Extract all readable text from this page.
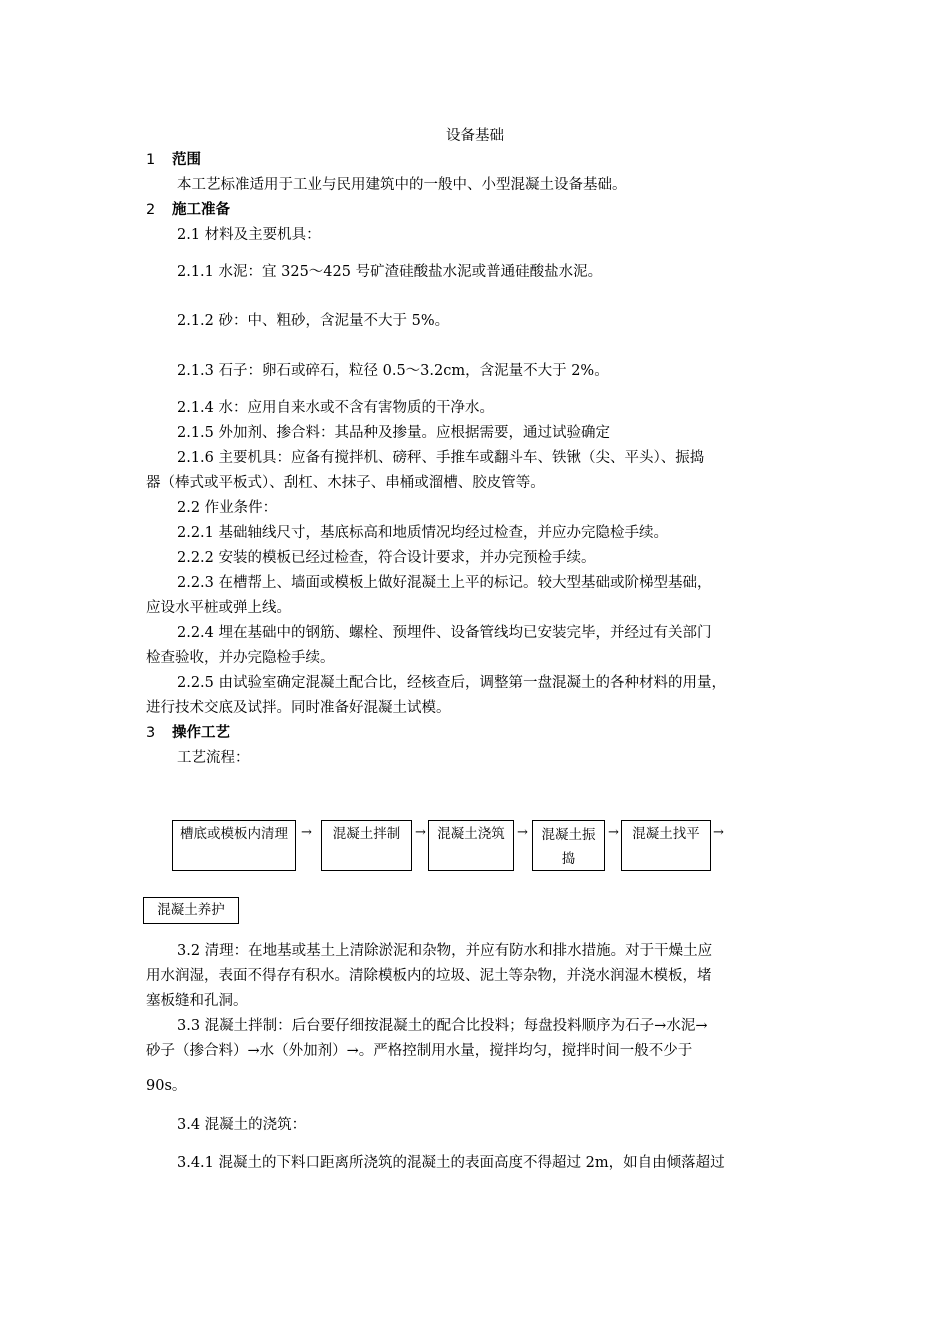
设备基础
1 范围
本工艺标准适用于工业与民用建筑中的一般中、小型混凝土设备基础。
2 施工准备
2.1 材料及主要机具：
2.1.1 水泥：宜 325～425 号矿渣硅酸盐水泥或普通硅酸盐水泥。
2.1.2 砂：中、粗砂，含泥量不大于 5%。
2.1.3 石子：卵石或碎石，粒径 0.5～3.2cm，含泥量不大于 2%。
2.1.4 水：应用自来水或不含有害物质的干净水。
2.1.5 外加剂、掺合料：其品种及掺量。应根据需要，通过试验确定
2.1.6 主要机具：应备有搅拌机、磅秤、手推车或翻斗车、铁锹（尖、平头）、振捣
器（棒式或平板式）、刮杠、木抹子、串桶或溜槽、胶皮管等。
2.2 作业条件：
2.2.1 基础轴线尺寸，基底标高和地质情况均经过检查，并应办完隐检手续。
2.2.2 安装的模板已经过检查，符合设计要求，并办完预检手续。
2.2.3 在槽帮上、墙面或模板上做好混凝土上平的标记。较大型基础或阶梯型基础，
应设水平桩或弹上线。
2.2.4 埋在基础中的钢筋、螺栓、预埋件、设备管线均已安装完毕，并经过有关部门
检查验收，并办完隐检手续。
2.2.5 由试验室确定混凝土配合比，经核查后，调整第一盘混凝土的各种材料的用量，
进行技术交底及试拌。同时准备好混凝土试模。
3 操作工艺
工艺流程：
槽底或模板内清理	→	混凝土拌制	→ 混凝土浇筑 →	混凝土振捣
→ 混凝土找平	→
混凝土养护
3.2 清理：在地基或基土上清除淤泥和杂物，并应有防水和排水措施。对于干燥土应
用水润湿，表面不得存有积水。清除模板内的垃圾、泥土等杂物，并浇水润湿木模板，堵
塞板缝和孔洞。
3.3 混凝土拌制：后台要仔细按混凝土的配合比投料；每盘投料顺序为石子→水泥→
砂子（掺合料）→水（外加剂）→。严格控制用水量，搅拌均匀，搅拌时间一般不少于
90s。
3.4 混凝土的浇筑：
3.4.1 混凝土的下料口距离所浇筑的混凝土的表面高度不得超过 2m，如自由倾落超过
